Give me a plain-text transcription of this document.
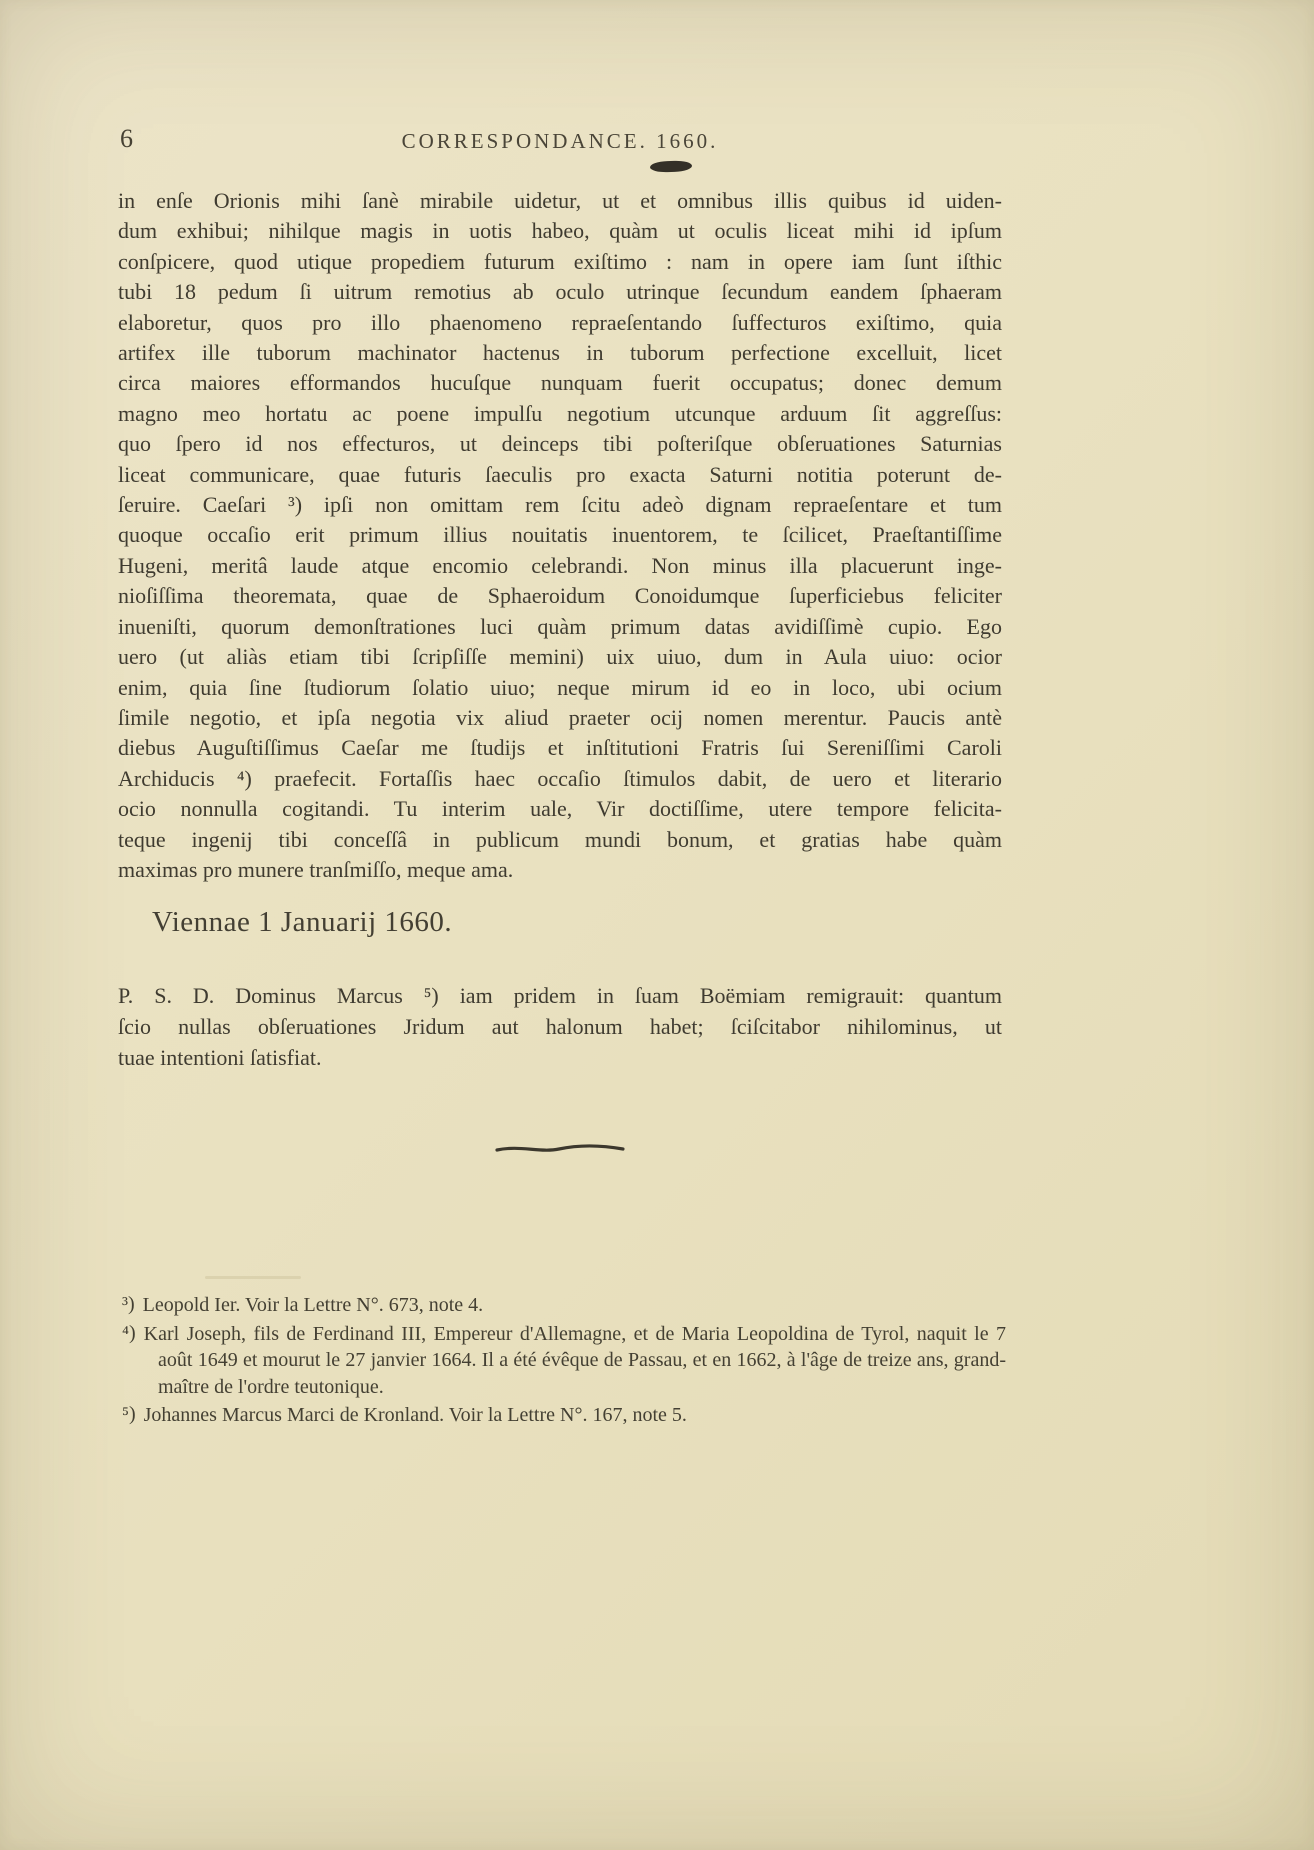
6	CORRESPONDANCE. 1660.
in enſe Orionis mihi ſanè mirabile uidetur, ut et omnibus illis quibus id uiden-
dum exhibui; nihilque magis in uotis habeo, quàm ut oculis liceat mihi id ipſum
conſpicere, quod utique propediem futurum exiſtimo : nam in opere iam ſunt iſthic
tubi 18 pedum ſi uitrum remotius ab oculo utrinque ſecundum eandem ſphaeram
elaboretur, quos pro illo phaenomeno repraeſentando ſuffecturos exiſtimo, quia
artifex ille tuborum machinator hactenus in tuborum perfectione excelluit, licet
circa maiores efformandos hucuſque nunquam fuerit occupatus; donec demum
magno meo hortatu ac poene impulſu negotium utcunque arduum ſit aggreſſus:
quo ſpero id nos effecturos, ut deinceps tibi poſteriſque obſeruationes Saturnias
liceat communicare, quae futuris ſaeculis pro exacta Saturni notitia poterunt de-
ſeruire. Caeſari ³) ipſi non omittam rem ſcitu adeò dignam repraeſentare et tum
quoque occaſio erit primum illius nouitatis inuentorem, te ſcilicet, Praeſtantiſſime
Hugeni, meritâ laude atque encomio celebrandi. Non minus illa placuerunt inge-
nioſiſſima theoremata, quae de Sphaeroidum Conoidumque ſuperficiebus feliciter
inueniſti, quorum demonſtrationes luci quàm primum datas avidiſſimè cupio. Ego
uero (ut aliàs etiam tibi ſcripſiſſe memini) uix uiuo, dum in Aula uiuo: ocior
enim, quia ſine ſtudiorum ſolatio uiuo; neque mirum id eo in loco, ubi ocium
ſimile negotio, et ipſa negotia vix aliud praeter ocij nomen merentur. Paucis antè
diebus Auguſtiſſimus Caeſar me ſtudijs et inſtitutioni Fratris ſui Sereniſſimi Caroli
Archiducis ⁴) praefecit. Fortaſſis haec occaſio ſtimulos dabit, de uero et literario
ocio nonnulla cogitandi. Tu interim uale, Vir doctiſſime, utere tempore felicita-
teque ingenij tibi conceſſâ in publicum mundi bonum, et gratias habe quàm
maximas pro munere tranſmiſſo, meque ama.
Viennae 1 Januarij 1660.
P. S. D. Dominus Marcus ⁵) iam pridem in ſuam Boëmiam remigrauit: quantum
ſcio nullas obſeruationes Jridum aut halonum habet; ſciſcitabor nihilominus, ut
tuae intentioni ſatisfiat.
³) Leopold Ier. Voir la Lettre N°. 673, note 4.
⁴) Karl Joseph, fils de Ferdinand III, Empereur d'Allemagne, et de Maria Leopoldina de Tyrol, naquit le 7 août 1649 et mourut le 27 janvier 1664. Il a été évêque de Passau, et en 1662, à l'âge de treize ans, grand-maître de l'ordre teutonique.
⁵) Johannes Marcus Marci de Kronland. Voir la Lettre N°. 167, note 5.
